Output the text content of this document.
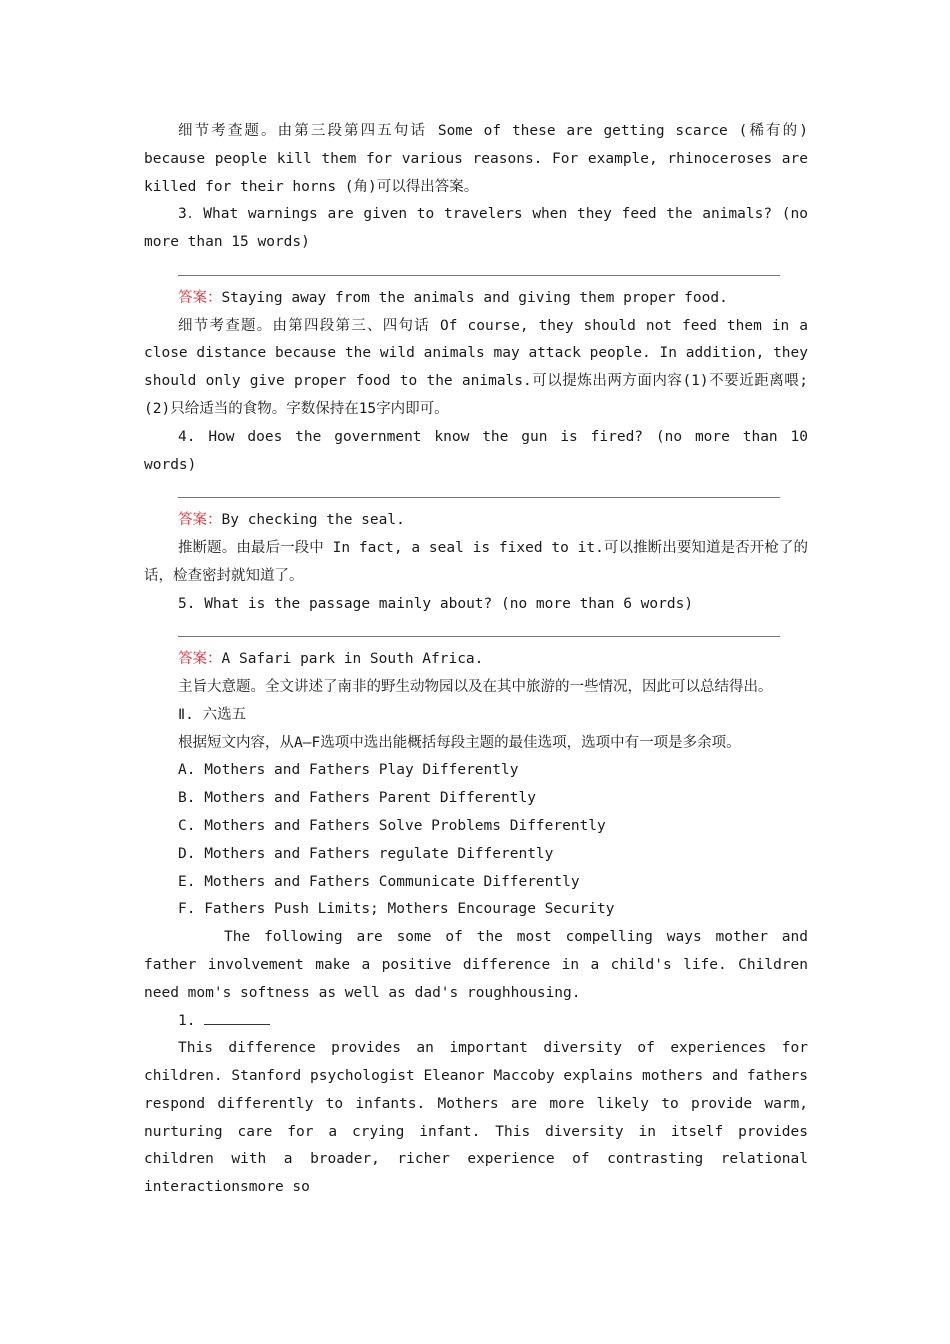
细节考查题。由第三段第四五句话 Some of these are getting scarce (稀有的) because people kill them for various reasons. For example, rhinoceroses are killed for their horns (角)可以得出答案。

3．What warnings are given to travelers when they feed the animals? (no more than 15 words)

答案：Staying away from the animals and giving them proper food.

细节考查题。由第四段第三、四句话 Of course, they should not feed them in a close distance because the wild animals may attack people. In addition, they should only give proper food to the animals.可以提炼出两方面内容(1)不要近距离喂;(2)只给适当的食物。字数保持在15字内即可。

4. How does the government know the gun is fired? (no more than 10 words)

答案：By checking the seal.

推断题。由最后一段中 In fact, a seal is fixed to it.可以推断出要知道是否开枪了的话，检查密封就知道了。

5. What is the passage mainly about? (no more than 6 words)

答案：A Safari park in South Africa.

主旨大意题。全文讲述了南非的野生动物园以及在其中旅游的一些情况，因此可以总结得出。

Ⅱ. 六选五

根据短文内容，从A—F选项中选出能概括每段主题的最佳选项，选项中有一项是多余项。

A. Mothers and Fathers Play Differently

B. Mothers and Fathers Parent Differently

C. Mothers and Fathers Solve Problems Differently

D. Mothers and Fathers regulate Differently

E. Mothers and Fathers Communicate Differently

F. Fathers Push Limits; Mothers Encourage Security

The following are some of the most compelling ways mother and father involvement make a positive difference in a child's life. Children need mom's softness as well as dad's roughhousing.

1.

This difference provides an important diversity of experiences for children. Stanford psychologist Eleanor Maccoby explains mothers and fathers respond differently to infants. Mothers are more likely to provide warm, nurturing care for a crying infant. This diversity in itself provides children with a broader, richer experience of contrasting relational interactionsmore so
